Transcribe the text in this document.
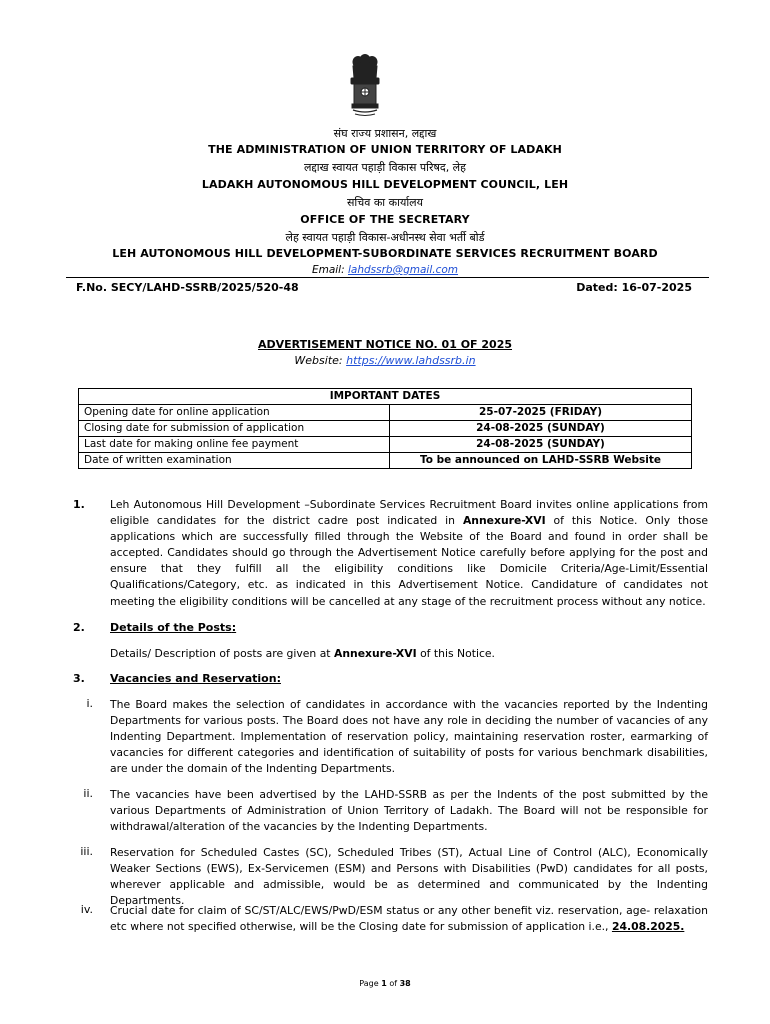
संघ राज्य प्रशासन, लद्दाख
THE ADMINISTRATION OF UNION TERRITORY OF LADAKH
लद्दाख स्वायत पहाड़ी विकास परिषद, लेह
LADAKH AUTONOMOUS HILL DEVELOPMENT COUNCIL, LEH
सचिव का कार्यालय
OFFICE OF THE SECRETARY
लेह स्वायत पहाड़ी विकास-अधीनस्थ सेवा भर्ती बोर्ड
LEH AUTONOMOUS HILL DEVELOPMENT-SUBORDINATE SERVICES RECRUITMENT BOARD
Email: lahdssrb@gmail.com
F.No. SECY/LAHD-SSRB/2025/520-48	Dated: 16-07-2025
ADVERTISEMENT NOTICE NO. 01 OF 2025
Website: https://www.lahdssrb.in
IMPORTANT DATES	
Opening date for online application	25-07-2025 (FRIDAY)
Closing date for submission of application	24-08-2025 (SUNDAY)
Last date for making online fee payment	24-08-2025 (SUNDAY)
Date of written examination	To be announced on LAHD-SSRB Website
1. Leh Autonomous Hill Development –Subordinate Services Recruitment Board invites online applications from eligible candidates for the district cadre post indicated in Annexure-XVI of this Notice. Only those applications which are successfully filled through the Website of the Board and found in order shall be accepted. Candidates should go through the Advertisement Notice carefully before applying for the post and ensure that they fulfill all the eligibility conditions like Domicile Criteria/Age-Limit/Essential Qualifications/Category, etc. as indicated in this Advertisement Notice. Candidature of candidates not meeting the eligibility conditions will be cancelled at any stage of the recruitment process without any notice.
2. Details of the Posts:
Details/ Description of posts are given at Annexure-XVI of this Notice.
3. Vacancies and Reservation:
i. The Board makes the selection of candidates in accordance with the vacancies reported by the Indenting Departments for various posts. The Board does not have any role in deciding the number of vacancies of any Indenting Department. Implementation of reservation policy, maintaining reservation roster, earmarking of vacancies for different categories and identification of suitability of posts for various benchmark disabilities, are under the domain of the Indenting Departments.
ii. The vacancies have been advertised by the LAHD-SSRB as per the Indents of the post submitted by the various Departments of Administration of Union Territory of Ladakh. The Board will not be responsible for withdrawal/alteration of the vacancies by the Indenting Departments.
iii. Reservation for Scheduled Castes (SC), Scheduled Tribes (ST), Actual Line of Control (ALC), Economically Weaker Sections (EWS), Ex-Servicemen (ESM) and Persons with Disabilities (PwD) candidates for all posts, wherever applicable and admissible, would be as determined and communicated by the Indenting Departments.
iv. Crucial date for claim of SC/ST/ALC/EWS/PwD/ESM status or any other benefit viz. reservation, age- relaxation etc where not specified otherwise, will be the Closing date for submission of application i.e., 24.08.2025.
Page 1 of 38
